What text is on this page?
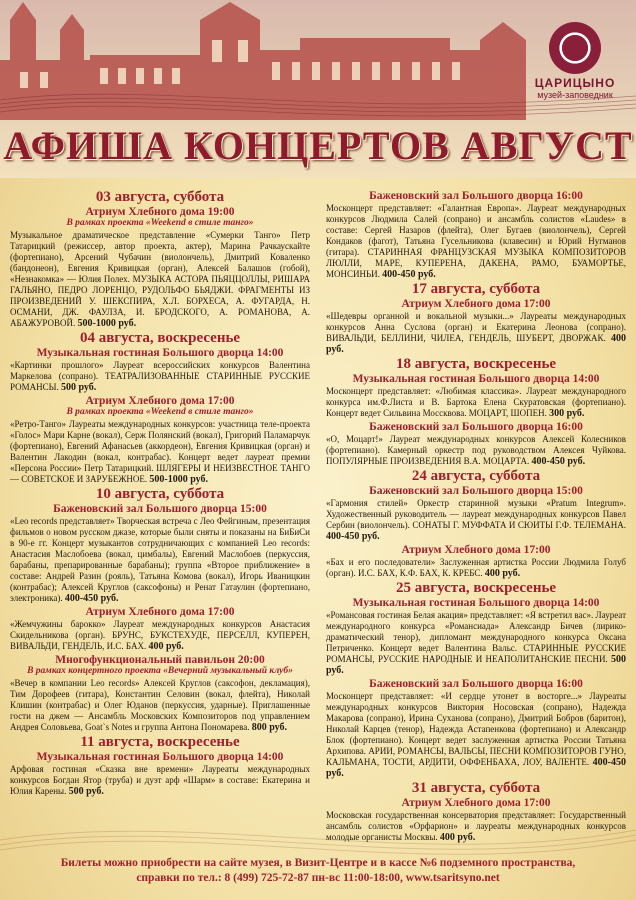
ЦАРИЦЫНО
музей-заповедник
АФИША КОНЦЕРТОВ АВГУСТ
03 августа, суббота
Атриум Хлебного дома 19:00
В рамках проекта «Weekend в стиле танго»
Музыкальное драматическое представление «Сумерки Танго» Петр Татарицкий (режиссер, автор проекта, актер), Марина Рачкаускайте (фортепиано), Арсений Чубачин (виолончель), Дмитрий Коваленко (бандонеон), Евгения Кривицкая (орган), Алексей Балашов (гобой), «Незнакомка» — Юлия Полех. МУЗЫКА АСТОРА ПЬЯЦЦОЛЛЫ, РИШАРА ГАЛЬЯНО, ПЕДРО ЛОРЕНЦО, РУДОЛЬФО БЬЯДЖИ. ФРАГМЕНТЫ ИЗ ПРОИЗВЕДЕНИЙ У. ШЕКСПИРА, Х.Л. БОРХЕСА, А. ФУГАРДА, Н. ОСМАНИ, ДЖ. ФАУЛЗА, И. БРОДСКОГО, А. РОМАНОВА, А. АБАЖУРОВОЙ. 500-1000 руб.
04 августа, воскресенье
Музыкальная гостиная Большого дворца 14:00
«Картинки прошлого» Лауреат всероссийских конкурсов Валентина Маркелова (сопрано). ТЕАТРАЛИЗОВАННЫЕ СТАРИННЫЕ РУССКИЕ РОМАНСЫ. 500 руб.
Атриум Хлебного дома 17:00
В рамках проекта «Weekend в стиле танго»
«Ретро-Танго» Лауреаты международных конкурсов: участница теле-проекта «Голос» Мари Карне (вокал), Серж Полянский (вокал), Григорий Паламарчук (фортепиано), Евгений Афанасьев (аккордеон), Евгения Кривицкая (орган) и Валентин Лакодин (вокал, контрабас). Концерт ведет лауреат премии «Персона России» Петр Татарицкий. ШЛЯГЕРЫ И НЕИЗВЕСТНОЕ ТАНГО — СОВЕТСКОЕ И ЗАРУБЕЖНОЕ. 500-1000 руб.
10 августа, суббота
Баженовский зал Большого дворца 15:00
«Leo records представляет» Творческая встреча с Лео Фейгиным, презентация фильмов о новом русском джазе, которые были сняты и показаны на БиБиСи в 90-е гг. Концерт музыкантов сотрудничающих с компанией Leo records: Анастасия Маслобоева (вокал, цимбалы), Евгений Маслобоев (перкуссия, барабаны, препарированные барабаны); группа «Второе приближение» в составе: Андрей Разин (рояль), Татьяна Комова (вокал), Игорь Иваницкин (контрабас); Алексей Круглов (саксофоны) и Ренат Гатаулин (фортепиано, электроника). 400-450 руб.
Атриум Хлебного дома 17:00
«Жемчужины барокко» Лауреат международных конкурсов Анастасия Скидельникова (орган). БРУНС, БУКСТЕХУДЕ, ПЕРСЕЛЛ, КУПЕРЕН, ВИВАЛЬДИ, ГЕНДЕЛЬ, И.С. БАХ. 400 руб.
Многофункциональный павильон 20:00
В рамках концертного проекта «Вечерний музыкальный клуб»
«Вечер в компании Leo records» Алексей Круглов (саксофон, декламация), Тим Дорофеев (гитара), Константин Селовин (вокал, флейта), Николай Клишин (контрабас) и Олег Юданов (перкуссия, ударные). Приглашенные гости на джем — Ансамбль Московских Композиторов под управлением Андрея Соловьева, Goat`s Notes и группа Антона Пономарева. 800 руб.
11 августа, воскресенье
Музыкальная гостиная Большого дворца 14:00
Арфовая гостиная «Сказка вне времени» Лауреаты международных конкурсов Богдан Ятор (труба) и дуэт арф «Шарм» в составе: Екатерина и Юлия Карены. 500 руб.
Баженовский зал Большого дворца 16:00
Москонцерт представляет: «Галантная Европа». Лауреат международных конкурсов Людмила Салей (сопрано) и ансамбль солистов «Laudes» в составе: Сергей Назаров (флейта), Олег Бугаев (виолончель), Сергей Кондаков (фагот), Татьяна Гусельникова (клавесин) и Юрий Нугманов (гитара). СТАРИННАЯ ФРАНЦУЗСКАЯ МУЗЫКА КОМПОЗИТОРОВ ЛЮЛЛИ, МАРЕ, КУПЕРЕНА, ДАКЕНА, РАМО, БУАМОРТЬЕ, МОНСИНЬИ. 400-450 руб.
17 августа, суббота
Атриум Хлебного дома 17:00
«Шедевры органной и вокальной музыки...» Лауреаты международных конкурсов Анна Суслова (орган) и Екатерина Леонова (сопрано). ВИВАЛЬДИ, БЕЛЛИНИ, ЧИЛЕА, ГЕНДЕЛЬ, ШУБЕРТ, ДВОРЖАК. 400 руб.
18 августа, воскресенье
Музыкальная гостиная Большого дворца 14:00
Москонцерт представляет: «Любимая классика». Лауреат международного конкурса им.Ф.Листа и В. Бартока Елена Скуратовская (фортепиано). Концерт ведет Сильвина Моссквова. МОЦАРТ, ШОПЕН. 300 руб.
Баженовский зал Большого дворца 16:00
«О, Моцарт!» Лауреат международных конкурсов Алексей Колесников (фортепиано). Камерный оркестр под руководством Алексея Чуйкова. ПОПУЛЯРНЫЕ ПРОИЗВЕДЕНИЯ В.А. МОЦАРТА. 400-450 руб.
24 августа, суббота
Баженовский зал Большого дворца 15:00
«Гармония стилей» Оркестр старинной музыки «Pratum Integrum». Художественный руководитель — лауреат международных конкурсов Павел Сербин (виолончель). СОНАТЫ Г. МУФФАТА И СЮИТЫ Г.Ф. ТЕЛЕМАНА. 400-450 руб.
Атриум Хлебного дома 17:00
«Бах и его последователи» Заслуженная артистка России Людмила Голуб (орган). И.С. БАХ, К.Ф. БАХ, К. КРЕБС. 400 руб.
25 августа, воскресенье
Музыкальная гостиная Большого дворца 14:00
«Романсовая гостиная Белая акация» представляет: «Я встретил вас». Лауреат международного конкурса «Романсиада» Александр Бичев (лирико-драматический тенор), дипломант международного конкурса Оксана Петриченко. Концерт ведет Валентина Вальс. СТАРИННЫЕ РУССКИЕ РОМАНСЫ, РУССКИЕ НАРОДНЫЕ И НЕАПОЛИТАНСКИЕ ПЕСНИ. 500 руб.
Баженовский зал Большого дворца 16:00
Москонцерт представляет: «И сердце утонет в восторге...» Лауреаты международных конкурсов Виктория Носовская (сопрано), Надежда Макарова (сопрано), Ирина Суханова (сопрано), Дмитрий Бобров (баритон), Николай Карцев (тенор), Надежда Астапенкова (фортепиано) и Александр Блок (фортепиано). Концерт ведет заслуженная артистка России Татьяна Архипова. АРИИ, РОМАНСЫ, ВАЛЬСЫ, ПЕСНИ КОМПОЗИТОРОВ ГУНО, КАЛЬМАНА, ТОСТИ, АРДИТИ, ОФФЕНБАХА, ЛОУ, ВАЛЕНТЕ. 400-450 руб.
31 августа, суббота
Атриум Хлебного дома 17:00
Московская государственная консерватория представляет: Государственный ансамбль солистов «Орфарион» и лауреаты международных конкурсов молодые органисты Москвы. 400 руб.
Билеты можно приобрести на сайте музея, в Визит-Центре и в кассе №6 подземного пространства,
справки по тел.: 8 (499) 725-72-87 пн-вс 11:00-18:00, www.tsaritsyno.net
